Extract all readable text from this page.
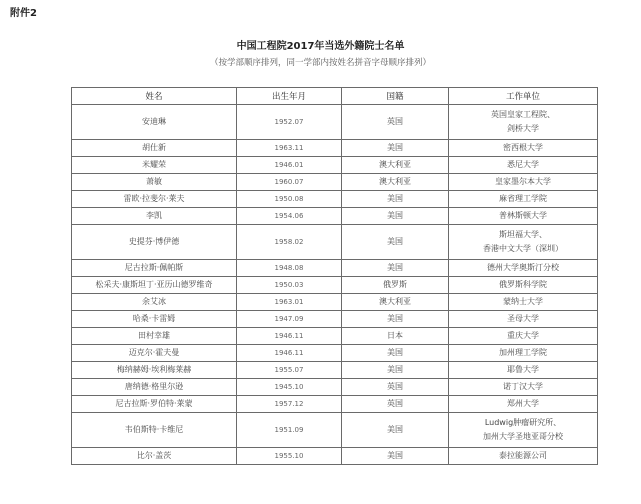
附件2
中国工程院2017年当选外籍院士名单
（按学部顺序排列，同一学部内按姓名拼音字母顺序排列）
姓名	出生年月	国籍	工作单位
安迪琳	1952.07	英国	英国皇家工程院、
剑桥大学

胡仕新	1963.11	美国	密西根大学

米耀荣	1946.01	澳大利亚	悉尼大学

萧敏	1960.07	澳大利亚	皇家墨尔本大学

雷欧·拉斐尔·莱夫	1950.08	美国	麻省理工学院

李凯	1954.06	美国	普林斯顿大学

史提芬·博伊德	1958.02	美国	斯坦福大学、
香港中文大学（深圳）

尼古拉斯·佩帕斯	1948.08	美国	德州大学奥斯汀分校

松采夫·康斯坦丁·亚历山德罗维奇	1950.03	俄罗斯	俄罗斯科学院

余艾冰	1963.01	澳大利亚	蒙纳士大学

哈桑·卡雷姆	1947.09	美国	圣母大学

田村幸雄	1946.11	日本	重庆大学

迈克尔·霍夫曼	1946.11	美国	加州理工学院

梅纳赫姆·埃利梅莱赫	1955.07	美国	耶鲁大学

唐纳德·格里尔逊	1945.10	英国	诺丁汉大学

尼古拉斯·罗伯特·莱蒙	1957.12	英国	郑州大学

韦伯斯特·卡维尼	1951.09	美国	Ludwig肿瘤研究所、
加州大学圣地亚哥分校

比尔·盖茨	1955.10	美国	泰拉能源公司
